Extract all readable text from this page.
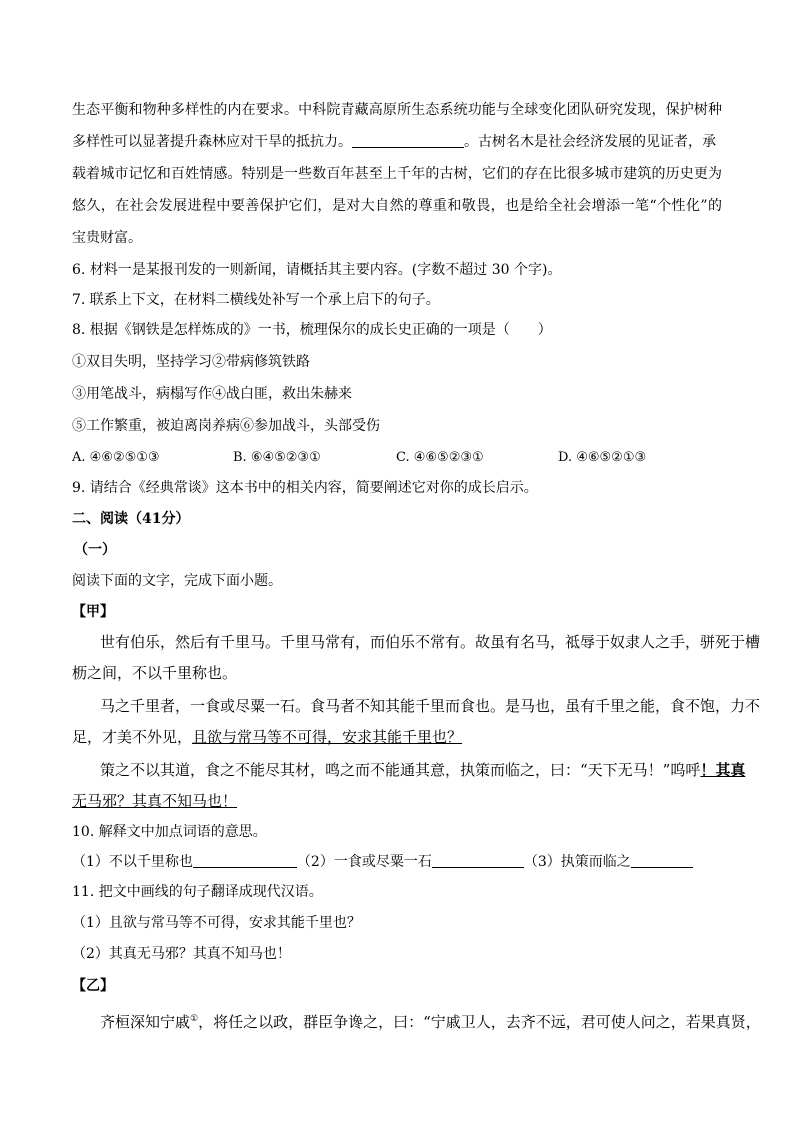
生态平衡和物种多样性的内在要求。中科院青藏高原所生态系统功能与全球变化团队研究发现，保护树种
多样性可以显著提升森林应对干旱的抵抗力。	。古树名木是社会经济发展的见证者，承
载着城市记忆和百姓情感。特别是一些数百年甚至上千年的古树，它们的存在比很多城市建筑的历史更为
悠久，在社会发展进程中要善保护它们，是对大自然的尊重和敬畏，也是给全社会增添一笔“个性化”的
宝贵财富。
6. 材料一是某报刊发的一则新闻，请概括其主要内容。(字数不超过 30 个字)。
7. 联系上下文，在材料二横线处补写一个承上启下的句子。
8. 根据《钢铁是怎样炼成的》一书，梳理保尔的成长史正确的一项是（　　）
①双目失明，坚持学习②带病修筑铁路
③用笔战斗，病榻写作④战白匪，救出朱赫来
⑤工作繁重，被迫离岗养病⑥参加战斗，头部受伤
A. ④⑥②⑤①③	B. ⑥④⑤②③①	C. ④⑥⑤②③①	D. ④⑥⑤②①③
9. 请结合《经典常谈》这本书中的相关内容，简要阐述它对你的成长启示。
二、阅读（41分）
（一）
阅读下面的文字，完成下面小题。
【甲】
世有伯乐，然后有千里马。千里马常有，而伯乐不常有。故虽有名马，祗辱于奴隶人之手，骈死于槽
枥之间，不以千里称也。
马之千里者，一食或尽粟一石。食马者不知其能千里而食也。是马也，虽有千里之能，食不饱，力不
足，才美不外见，且欲与常马等不可得，安求其能千里也？
策之不以其道，食之不能尽其材，鸣之而不能通其意，执策而临之，曰：“天下无马！”呜呼！其真
无马邪？其真不知马也！
10. 解释文中加点词语的意思。
（1）不以千里称也	（2）一食或尽粟一石	（3）执策而临之
11. 把文中画线的句子翻译成现代汉语。
（1）且欲与常马等不可得，安求其能千里也？
（2）其真无马邪？其真不知马也！
【乙】
齐桓深知宁戚①，将任之以政，群臣争谗之，曰：“宁戚卫人，去齐不远，君可使人问之，若果真贤，
